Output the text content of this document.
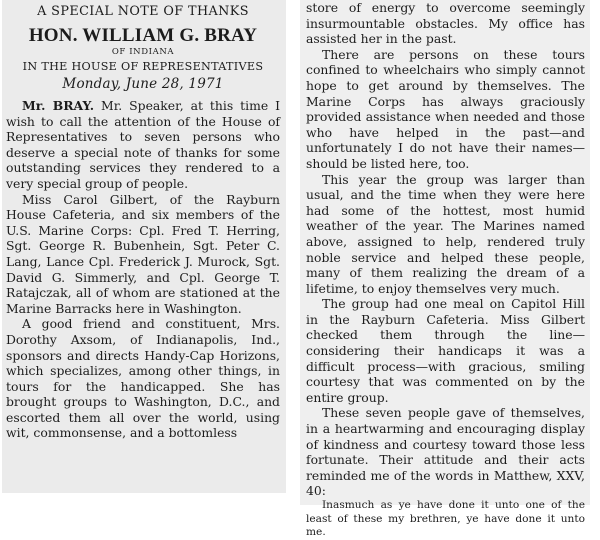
A SPECIAL NOTE OF THANKS
HON. WILLIAM G. BRAY
OF INDIANA
IN THE HOUSE OF REPRESENTATIVES
Monday, June 28, 1971

Mr. BRAY. Mr. Speaker, at this time I wish to call the attention of the House of Representatives to seven persons who deserve a special note of thanks for some outstanding services they rendered to a very special group of people.

Miss Carol Gilbert, of the Rayburn House Cafeteria, and six members of the U.S. Marine Corps: Cpl. Fred T. Herring, Sgt. George R. Bubenhein, Sgt. Peter C. Lang, Lance Cpl. Frederick J. Murock, Sgt. David G. Simmerly, and Cpl. George T. Ratajczak, all of whom are stationed at the Marine Barracks here in Washington.

A good friend and constituent, Mrs. Dorothy Axsom, of Indianapolis, Ind., sponsors and directs Handy-Cap Horizons, which specializes, among other things, in tours for the handicapped. She has brought groups to Washington, D.C., and escorted them all over the world, using wit, commonsense, and a bottomless

store of energy to overcome seemingly insurmountable obstacles. My office has assisted her in the past.

There are persons on these tours confined to wheelchairs who simply cannot hope to get around by themselves. The Marine Corps has always graciously provided assistance when needed and those who have helped in the past—and unfortunately I do not have their names—should be listed here, too.

This year the group was larger than usual, and the time when they were here had some of the hottest, most humid weather of the year. The Marines named above, assigned to help, rendered truly noble service and helped these people, many of them realizing the dream of a lifetime, to enjoy themselves very much.

The group had one meal on Capitol Hill in the Rayburn Cafeteria. Miss Gilbert checked them through the line—considering their handicaps it was a difficult process—with gracious, smiling courtesy that was commented on by the entire group.

These seven people gave of themselves, in a heartwarming and encouraging display of kindness and courtesy toward those less fortunate. Their attitude and their acts reminded me of the words in Matthew, XXV, 40:

Inasmuch as ye have done it unto one of the least of these my brethren, ye have done it unto me.
